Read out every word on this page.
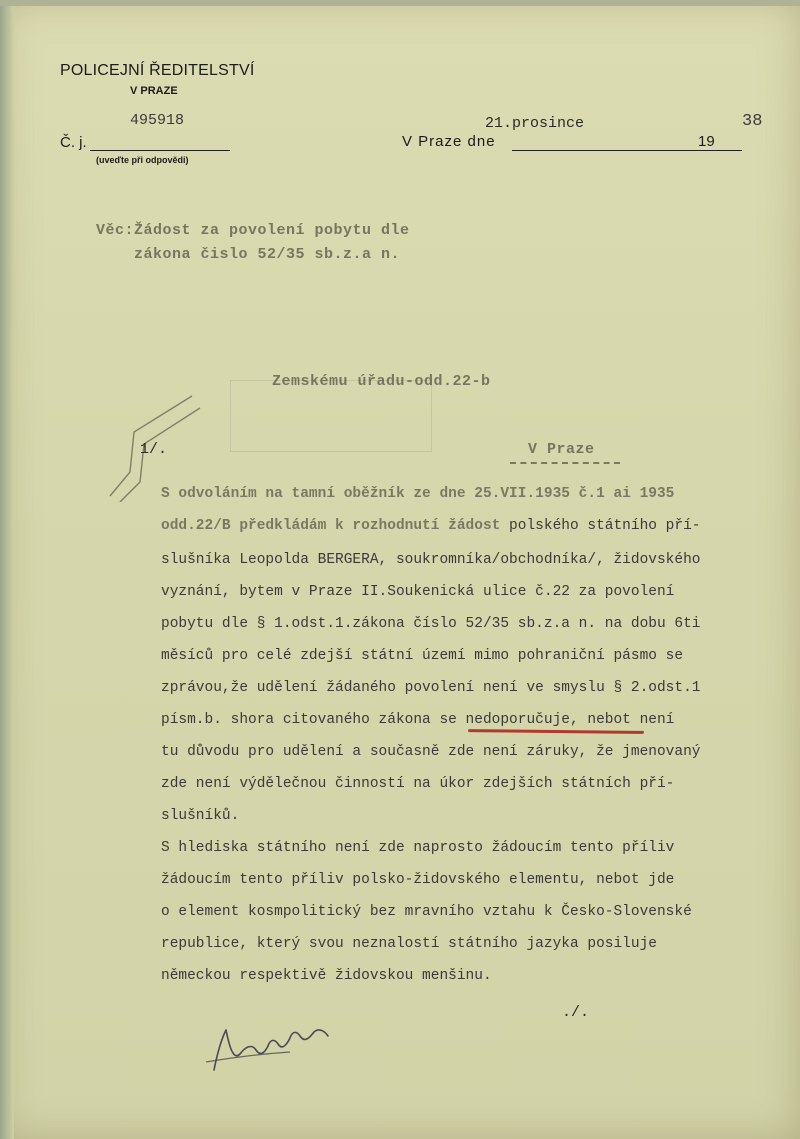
POLICEJNÍ ŘEDITELSTVÍ
V PRAZE
495918
Č. j.
(uveďte při odpovědi)
21.prosince	38
V Praze dne	19
Věc:Žádost za povolení pobytu dle
zákona čislo 52/35 sb.z.a n.
Zemskému úřadu-odd.22-b
V Praze
1/.
S odvoláním na tamní oběžník ze dne 25.VII.1935 č.1 ai 1935
odd.22/B předkládám k rozhodnutí žádost polského státního pří-
slušníka Leopolda BERGERA, soukromníka/obchodníka/, židovského
vyznání, bytem v Praze II.Soukenická ulice č.22 za povolení
pobytu dle § 1.odst.1.zákona číslo 52/35 sb.z.a n. na dobu 6ti
měsíců pro celé zdejší státní území mimo pohraniční pásmo se
zprávou,že udělení žádaného povolení není ve smyslu § 2.odst.1
písm.b. shora citovaného zákona se nedoporučuje, nebot není
tu důvodu pro udělení a současně zde není záruky, že jmenovaný
zde není výdělečnou činností na úkor zdejších státních pří-
slušníků.
S hlediska státního není zde naprosto žádoucím tento příliv
žádoucím tento příliv polsko-židovského elementu, nebot jde
o element kosmpolitický bez mravního vztahu k Česko-Slovenské
republice, který svou neznalostí státního jazyka posiluje
německou respektivě židovskou menšinu.
./.
